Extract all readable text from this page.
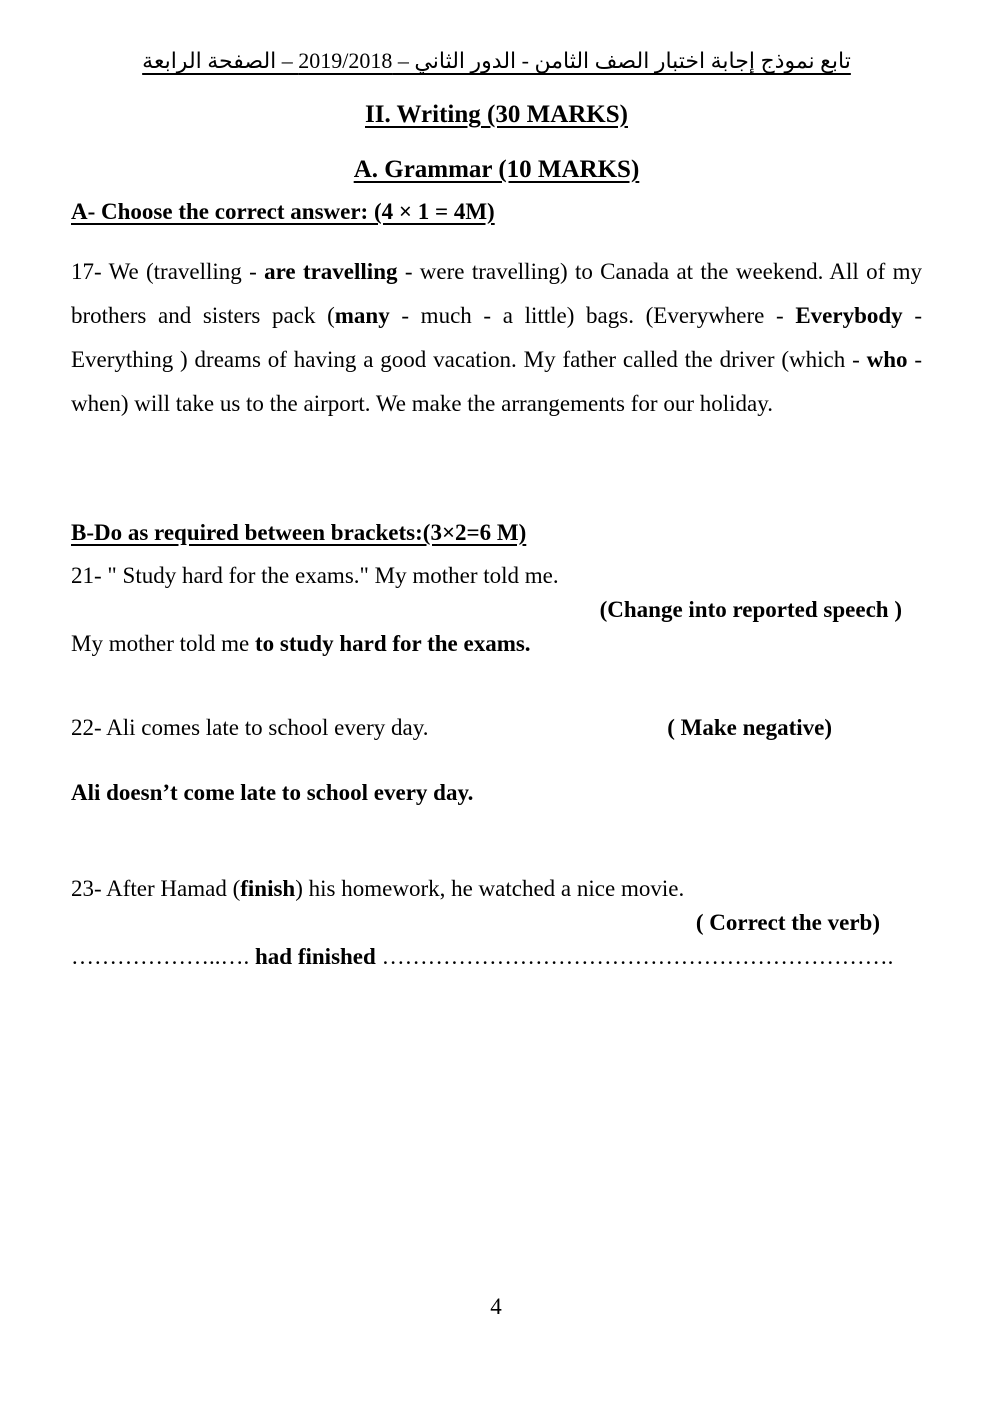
تابع نموذج إجابة اختبار الصف الثامن - الدور الثاني – 2019/2018 – الصفحة الرابعة
II. Writing (30 MARKS)
A. Grammar (10 MARKS)
A- Choose the correct answer: (4 × 1 = 4M)
17- We (travelling - are travelling - were travelling) to Canada at the weekend. All of my brothers and sisters pack (many - much - a little) bags. (Everywhere - Everybody - Everything ) dreams of having a good vacation. My father called the driver (which - who - when) will take us to the airport. We make the arrangements for our holiday.
B-Do as required between brackets:(3×2=6 M)
21- " Study hard for the exams." My mother told me.
(Change into reported speech )
My mother told me to study hard for the exams.
22- Ali comes late to school every day.	( Make negative)
Ali doesn’t come late to school every day.
23- After Hamad (finish) his homework, he watched a nice movie.
( Correct the verb)
………………..…. had finished ………………………………………………………….
4
